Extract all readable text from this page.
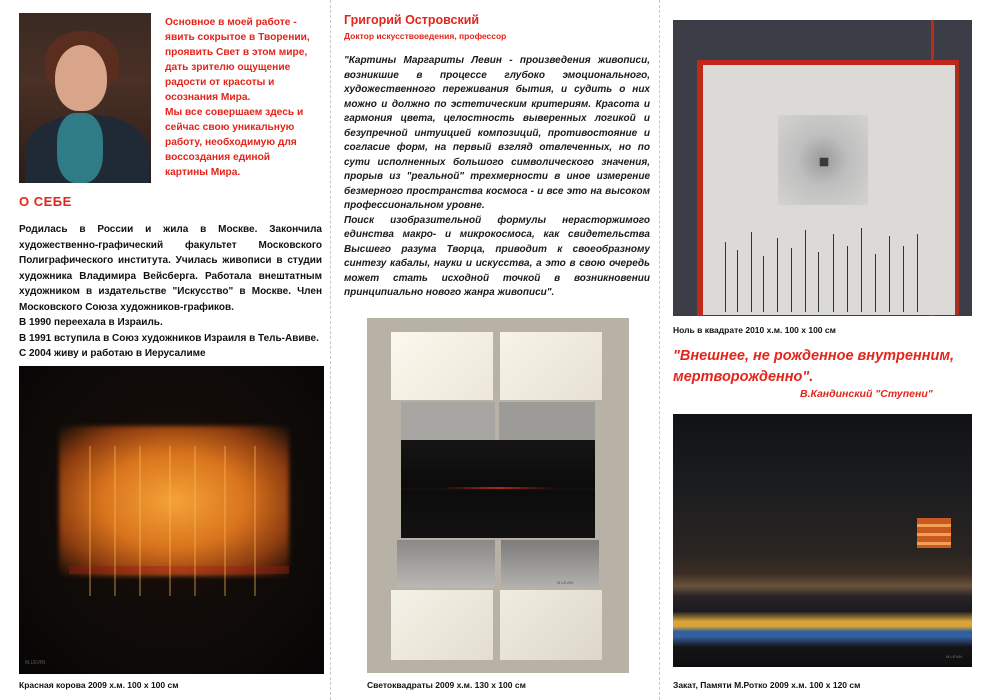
Основное в моей работе -
явить сокрытое в Творении,
проявить Свет в этом мире,
дать зрителю ощущение
радости от красоты и
осознания Мира.
Мы все совершаем здесь и
сейчас свою уникальную
работу, необходимую для
воссоздания единой
картины Мира.
О СЕБЕ

Родилась в России и жила в Москве. Закончила художественно-графический факультет Московского Полиграфического института. Училась живописи в студии художника Владимира Вейсберга. Работала внештатным художником в издательстве "Искусство" в Москве. Член Московского Союза художников-графиков.

В 1990 переехала в Израиль.

В 1991 вступила в Союз художников Израиля в Тель-Авиве.

С 2004 живу и работаю в Иерусалиме

M.LEVIN
Красная корова 2009 х.м. 100 x 100 см
Григорий Островский
Доктор искусствоведения, профессор

"Картины Маргариты Левин - произведения живописи, возникшие в процессе глубоко эмоционального, художественного переживания бытия, и судить о них можно и должно по эстетическим критериям. Красота и гармония цвета, целостность выверенных логикой и безупречной интуицией композиций, противостояние и согласие форм, на первый взгляд отвлеченных, но по сути исполненных большого символического значения, прорыв из "реальной" трехмерности в иное измерение безмерного пространства космоса - и все это на высоком профессиональном уровне.

Поиск изобразительной формулы нерасторжимого единства макро- и микрокосмоса, как свидетельства Высшего разума Творца, приводит к своеобразному синтезу кабалы, науки и искусства, а это в свою очередь может стать исходной точкой в возникновении принципиально нового жанра живописи".

M.LEVIN
Светоквадраты 2009 х.м. 130 x 100 см
Ноль в квадрате 2010 х.м. 100 x 100 см
"Внешнее, не рожденное внутренним, мертворожденно".
В.Кандинский "Ступени"
M.LEVIN
Закат, Памяти М.Ротко 2009 х.м. 100 x 120 см
